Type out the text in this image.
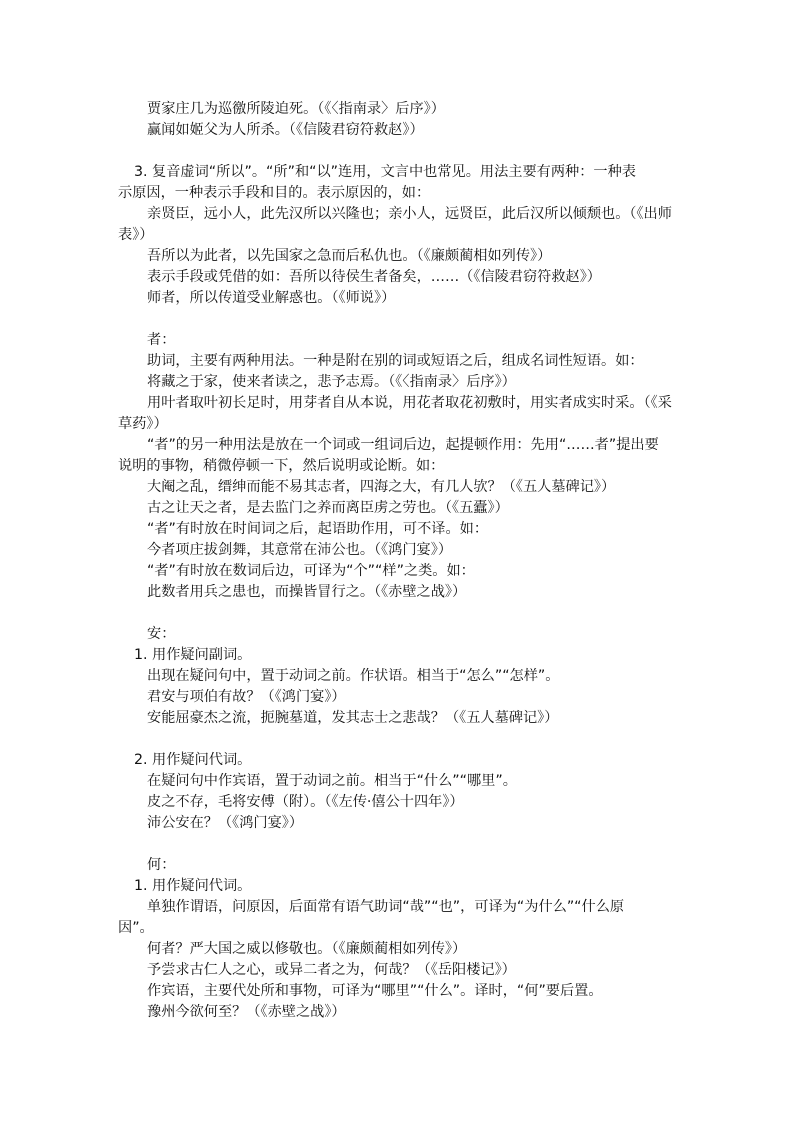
贾家庄几为巡徼所陵迫死。（《〈指南录〉后序》）
赢闻如姬父为人所杀。（《信陵君窃符救赵》）
3. 复音虚词“所以”。“所”和“以”连用，文言中也常见。用法主要有两种：一种表
示原因，一种表示手段和目的。表示原因的，如：
亲贤臣，远小人，此先汉所以兴隆也；亲小人，远贤臣，此后汉所以倾颓也。（《出师
表》）
吾所以为此者，以先国家之急而后私仇也。（《廉颇蔺相如列传》）
表示手段或凭借的如：吾所以待侯生者备矣，……（《信陵君窃符救赵》）
师者，所以传道受业解惑也。（《师说》）
者：
助词，主要有两种用法。一种是附在别的词或短语之后，组成名词性短语。如：
将藏之于家，使来者读之，悲予志焉。（《〈指南录〉后序》）
用叶者取叶初长足时，用芽者自从本说，用花者取花初敷时，用实者成实时采。（《采
草药》）
“者”的另一种用法是放在一个词或一组词后边，起提顿作用：先用“……者”提出要
说明的事物，稍微停顿一下，然后说明或论断。如：
大阉之乱，缙绅而能不易其志者，四海之大，有几人欤？（《五人墓碑记》）
古之让天之者，是去监门之养而离臣虏之劳也。（《五蠹》）
“者”有时放在时间词之后，起语助作用，可不译。如：
今者项庄拔剑舞，其意常在沛公也。（《鸿门宴》）
“者”有时放在数词后边，可译为“个”“样”之类。如：
此数者用兵之患也，而操皆冒行之。（《赤壁之战》）
安：
1. 用作疑问副词。
出现在疑问句中，置于动词之前。作状语。相当于“怎么”“怎样”。
君安与项伯有故？（《鸿门宴》）
安能屈豪杰之流，扼腕墓道，发其志士之悲哉？（《五人墓碑记》）
2. 用作疑问代词。
在疑问句中作宾语，置于动词之前。相当于“什么”“哪里”。
皮之不存，毛将安傅（附）。（《左传·僖公十四年》）
沛公安在？（《鸿门宴》）
何：
1. 用作疑问代词。
单独作谓语，问原因，后面常有语气助词“哉”“也”，可译为“为什么”“什么原
因”。
何者？严大国之威以修敬也。（《廉颇蔺相如列传》）
予尝求古仁人之心，或异二者之为，何哉？（《岳阳楼记》）
作宾语，主要代处所和事物，可译为“哪里”“什么”。译时，“何”要后置。
豫州今欲何至？（《赤壁之战》）
